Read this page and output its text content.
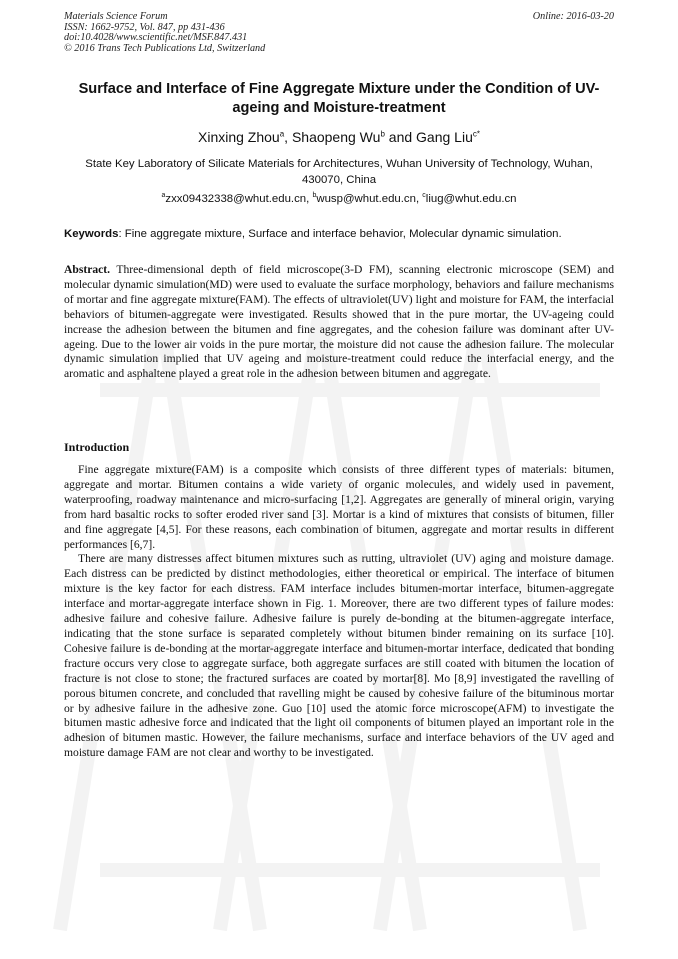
Materials Science Forum
ISSN: 1662-9752, Vol. 847, pp 431-436
doi:10.4028/www.scientific.net/MSF.847.431
© 2016 Trans Tech Publications Ltd, Switzerland
Online: 2016-03-20
Surface and Interface of Fine Aggregate Mixture under the Condition of UV-ageing and Moisture-treatment
Xinxing Zhou$^a$, Shaopeng Wu$^b$ and Gang Liu$^{c*}$
State Key Laboratory of Silicate Materials for Architectures, Wuhan University of Technology, Wuhan, 430070, China
$^a$zxx09432338@whut.edu.cn, $^b$wusp@whut.edu.cn, $^c$liug@whut.edu.cn
Keywords: Fine aggregate mixture, Surface and interface behavior, Molecular dynamic simulation.
Abstract. Three-dimensional depth of field microscope(3-D FM), scanning electronic microscope (SEM) and molecular dynamic simulation(MD) were used to evaluate the surface morphology, behaviors and failure mechanisms of mortar and fine aggregate mixture(FAM). The effects of ultraviolet(UV) light and moisture for FAM, the interfacial behaviors of bitumen-aggregate were investigated. Results showed that in the pure mortar, the UV-ageing could increase the adhesion between the bitumen and fine aggregates, and the cohesion failure was dominant after UV-ageing. Due to the lower air voids in the pure mortar, the moisture did not cause the adhesion failure. The molecular dynamic simulation implied that UV ageing and moisture-treatment could reduce the interfacial energy, and the aromatic and asphaltene played a great role in the adhesion between bitumen and aggregate.
Introduction

Fine aggregate mixture(FAM) is a composite which consists of three different types of materials: bitumen, aggregate and mortar. Bitumen contains a wide variety of organic molecules, and widely used in pavement, waterproofing, roadway maintenance and micro-surfacing [1,2]. Aggregates are generally of mineral origin, varying from hard basaltic rocks to softer eroded river sand [3]. Mortar is a kind of mixtures that consists of bitumen, filler and fine aggregate [4,5]. For these reasons, each combination of bitumen, aggregate and mortar results in different performances [6,7].

There are many distresses affect bitumen mixtures such as rutting, ultraviolet (UV) aging and moisture damage. Each distress can be predicted by distinct methodologies, either theoretical or empirical. The interface of bitumen mixture is the key factor for each distress. FAM interface includes bitumen-mortar interface, bitumen-aggregate interface and mortar-aggregate interface shown in Fig. 1. Moreover, there are two different types of failure modes: adhesive failure and cohesive failure. Adhesive failure is purely de-bonding at the bitumen-aggregate interface, indicating that the stone surface is separated completely without bitumen binder remaining on its surface [10]. Cohesive failure is de-bonding at the mortar-aggregate interface and bitumen-mortar interface, dedicated that bonding fracture occurs very close to aggregate surface, both aggregate surfaces are still coated with bitumen the location of fracture is not close to stone; the fractured surfaces are coated by mortar[8]. Mo [8,9] investigated the ravelling of porous bitumen concrete, and concluded that ravelling might be caused by cohesive failure of the bituminous mortar or by adhesive failure in the adhesive zone. Guo [10] used the atomic force microscope(AFM) to investigate the bitumen mastic adhesive force and indicated that the light oil components of bitumen played an important role in the adhesion of bitumen mastic. However, the failure mechanisms, surface and interface behaviors of the UV aged and moisture damage FAM are not clear and worthy to be investigated.
